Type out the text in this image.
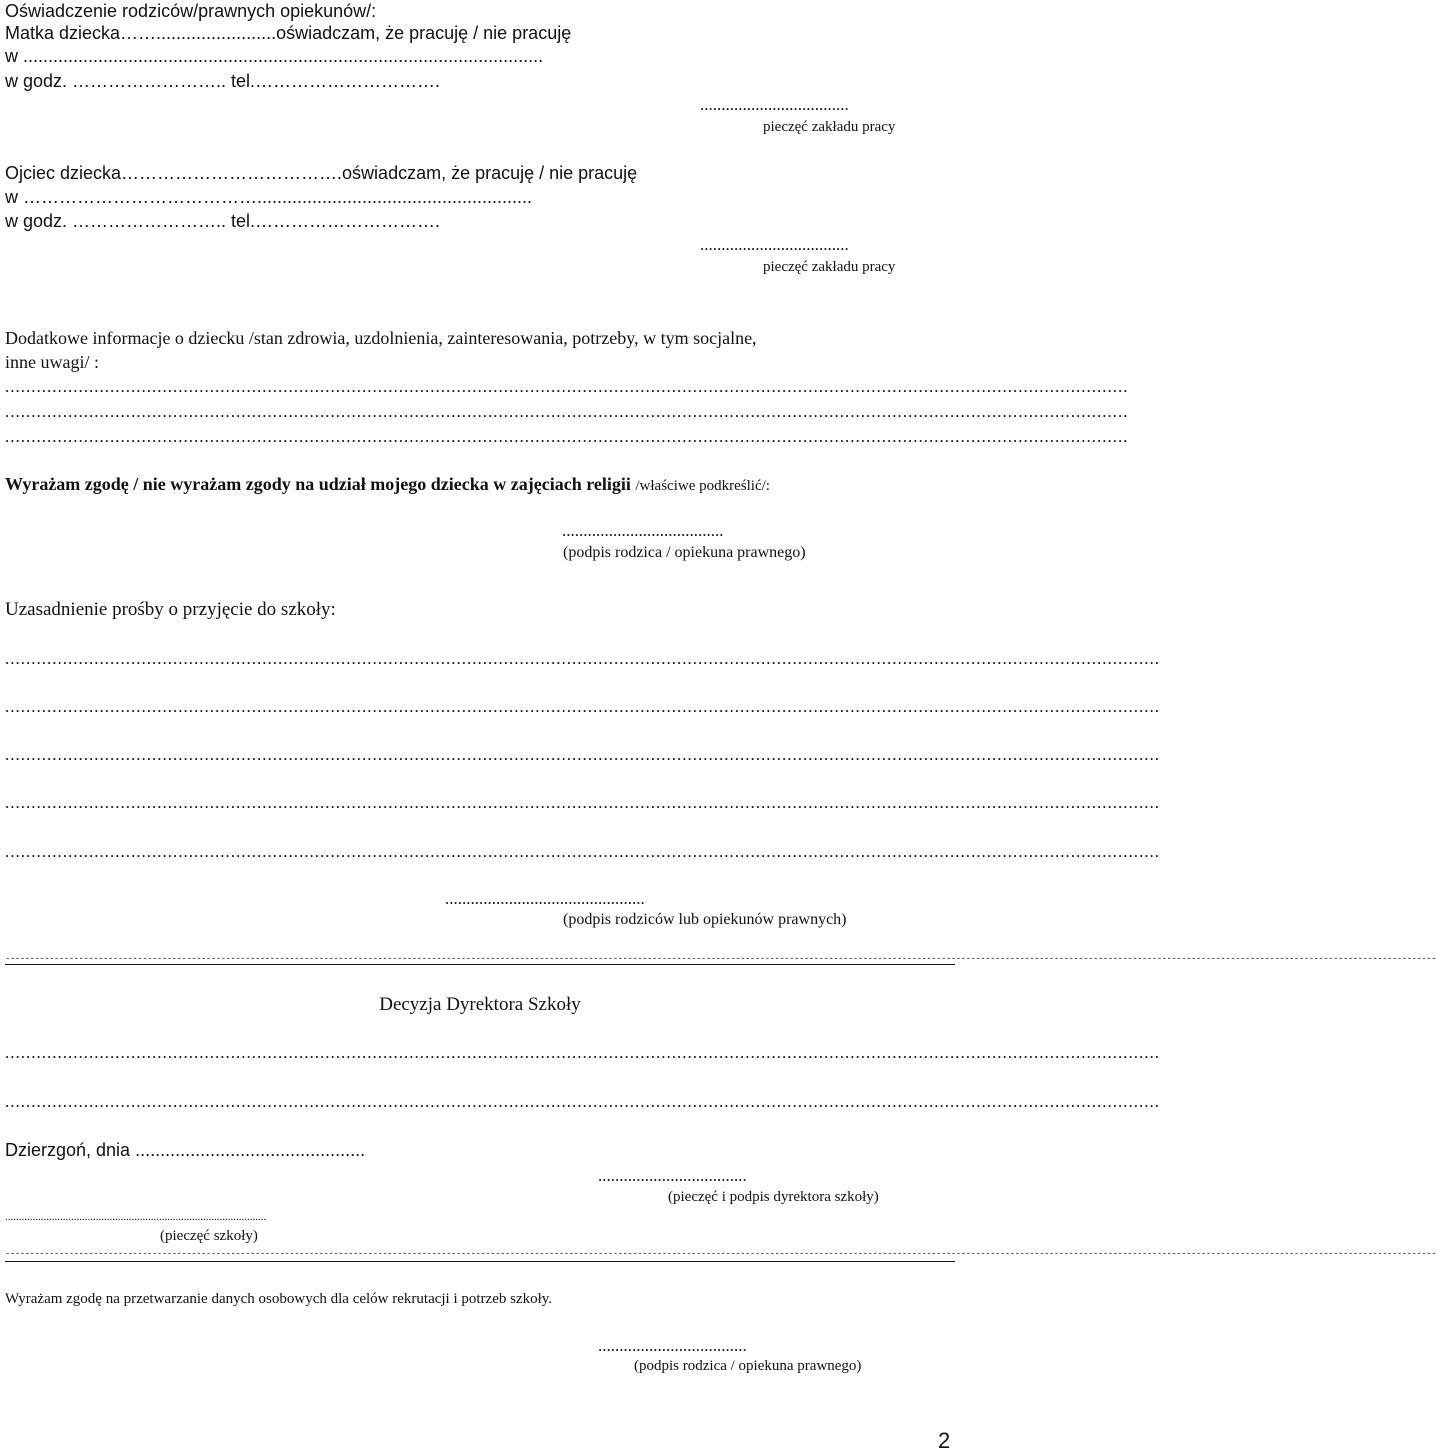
Oświadczenie rodziców/prawnych opiekunów/:
Matka dziecka……........................oświadczam, że pracuję / nie pracuję
w ........................................................................................................
w godz. …………………….. tel.………………………….
...................................
pieczęć zakładu pracy
Ojciec dziecka……………………………….oświadczam, że pracuję / nie pracuję
w ………………………………….......................................................
w godz. …………………….. tel.………………………….
...................................
pieczęć zakładu pracy
Dodatkowe informacje o dziecku /stan zdrowia, uzdolnienia, zainteresowania, potrzeby, w tym socjalne,
inne uwagi/ :
......................................................................................................................................................................................................................
......................................................................................................................................................................................................................
......................................................................................................................................................................................................................
Wyrażam zgodę / nie wyrażam zgody na udział mojego dziecka w zajęciach religii /właściwe podkreślić/:
......................................
(podpis rodzica / opiekuna prawnego)
Uzasadnienie prośby o przyjęcie do szkoły:
............................................................................................................................................................................................................................
............................................................................................................................................................................................................................
............................................................................................................................................................................................................................
............................................................................................................................................................................................................................
............................................................................................................................................................................................................................
...............................................
(podpis rodziców lub opiekunów prawnych)
----------------------------------------------------------------------------------------------------------------------------------------------------------------------------------------------------------------------------------------------------------------------------------------------------
Decyzja Dyrektora Szkoły
............................................................................................................................................................................................................................
............................................................................................................................................................................................................................
Dzierzgoń, dnia ..............................................
...................................
(pieczęć i podpis dyrektora szkoły)
...............................................................................................
(pieczęć szkoły)
----------------------------------------------------------------------------------------------------------------------------------------------------------------------------------------------------------------------------------------------------------------------------------------------------
Wyrażam zgodę na przetwarzanie danych osobowych dla celów rekrutacji i potrzeb szkoły.
...................................
(podpis rodzica / opiekuna prawnego)
2
